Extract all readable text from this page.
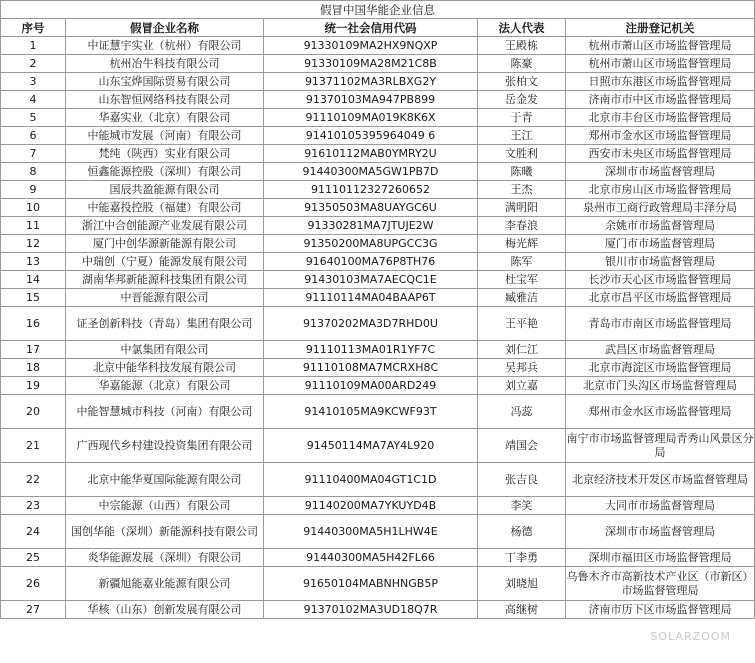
假冒中国华能企业信息				
序号	假冒企业名称	统一社会信用代码	法人代表	注册登记机关
1	中证慧宇实业（杭州）有限公司	91330109MA2HX9NQXP	王殿栋	杭州市萧山区市场监督管理局
2	杭州冶牛科技有限公司	91330109MA28M21C8B	陈豪	杭州市萧山区市场监督管理局
3	山东宝烨国际贸易有限公司	91371102MA3RLBXG2Y	张柏文	日照市东港区市场监督管理局
4	山东智恒网络科技有限公司	91370103MA947PB899	岳金发	济南市市中区市场监督管理局
5	华嘉实业（北京）有限公司	91110109MA019K8K6X	于青	北京市丰台区市场监督管理局
6	中能城市发展（河南）有限公司	91410105395964049 6	王江	郑州市金水区市场监督管理局
7	梵纯（陕西）实业有限公司	91610112MAB0YMRY2U	文胜利	西安市未央区市场监督管理局
8	恒鑫能源控股（深圳）有限公司	91440300MA5GW1PB7D	陈曦	深圳市市场监督管理局
9	国辰共盈能源有限公司	91110112327260652	王杰	北京市房山区市场监督管理局
10	中能嘉投控股（福建）有限公司	91350503MA8UAYGC6U	满明阳	泉州市工商行政管理局丰泽分局
11	浙江中合创能源产业发展有限公司	91330281MA7JTUJE2W	李春浪	余姚市市场监督管理局
12	厦门中创华源新能源有限公司	91350200MA8UPGCC3G	梅光辉	厦门市市场监督管理局
13	中瑞创（宁夏）能源发展有限公司	91640100MA76P8TH76	陈军	银川市市场监督管理局
14	湖南华邦新能源科技集团有限公司	91430103MA7AECQC1E	杜宝军	长沙市天心区市场监督管理局
15	中晋能源有限公司	91110114MA04BAAP6T	臧雅洁	北京市昌平区市场监督管理局
16	证圣创新科技（青岛）集团有限公司	91370202MA3D7RHD0U	王平艳	青岛市市南区市场监督管理局
17	中氯集团有限公司	91110113MA01R1YF7C	刘仁江	武昌区市场监督管理局
18	北京中能华科技发展有限公司	91110108MA7MCRXH8C	吴邦兵	北京市海淀区市场监督管理局
19	华嘉能源（北京）有限公司	91110109MA00ARD249	刘立嘉	北京市门头沟区市场监督管理局
20	中能智慧城市科技（河南）有限公司	91410105MA9KCWF93T	冯蕊	郑州市金水区市场监督管理局
21	广西现代乡村建设投资集团有限公司	91450114MA7AY4L920	靖国会	南宁市市场监督管理局青秀山风景区分局
22	北京中能华夏国际能源有限公司	91110400MA04GT1C1D	张吉良	北京经济技术开发区市场监督管理局
23	中宗能源（山西）有限公司	91140200MA7YKUYD4B	李笑	大同市市场监督管理局
24	国创华能（深圳）新能源科技有限公司	91440300MA5H1LHW4E	杨德	深圳市市场监督管理局
25	炎华能源发展（深圳）有限公司	91440300MA5H42FL66	丁李勇	深圳市福田区市场监督管理局
26	新疆旭能嘉业能源有限公司	91650104MABNHNGB5P	刘晓旭	乌鲁木齐市高新技术产业区（市新区）市场监督管理局
27	华核（山东）创新发展有限公司	91370102MA3UD18Q7R	高继树	济南市历下区市场监督管理局
SOLARZOOM
